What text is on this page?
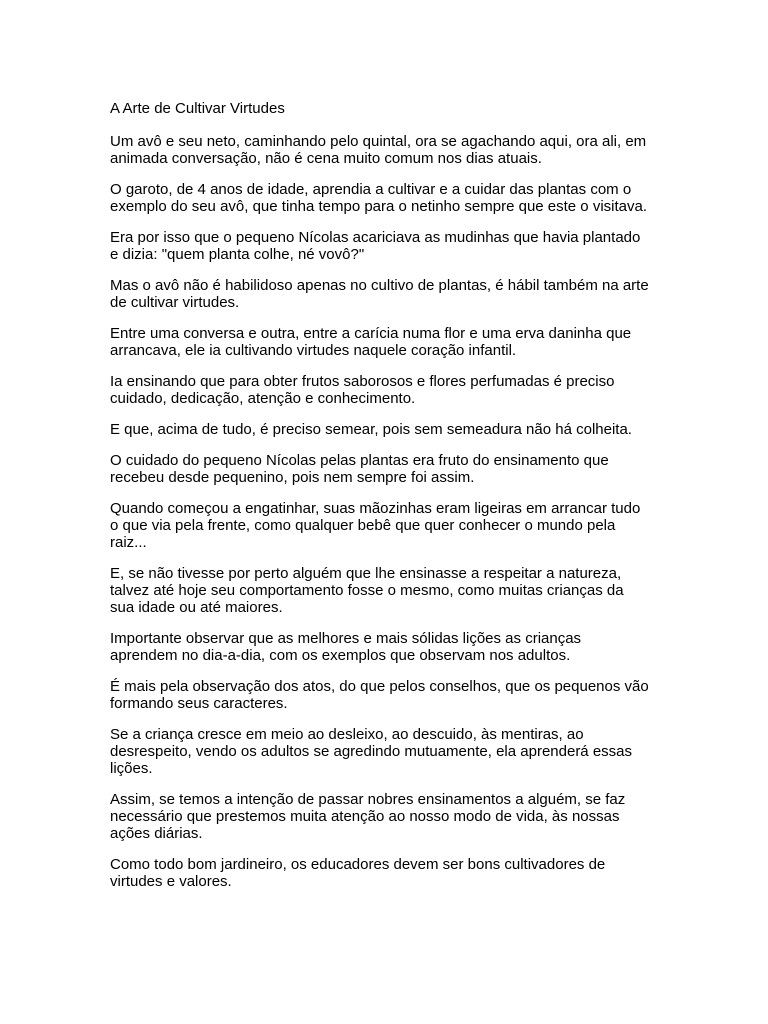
A Arte de Cultivar Virtudes

Um avô e seu neto, caminhando pelo quintal, ora se agachando aqui, ora ali, em animada conversação, não é cena muito comum nos dias atuais.

O garoto, de 4 anos de idade, aprendia a cultivar e a cuidar das plantas com o exemplo do seu avô, que tinha tempo para o netinho sempre que este o visitava.

Era por isso que o pequeno Nícolas acariciava as mudinhas que havia plantado e dizia: "quem planta colhe, né vovô?"

Mas o avô não é habilidoso apenas no cultivo de plantas, é hábil também na arte de cultivar virtudes.

Entre uma conversa e outra, entre a carícia numa flor e uma erva daninha que arrancava, ele ia cultivando virtudes naquele coração infantil.

Ia ensinando que para obter frutos saborosos e flores perfumadas é preciso cuidado, dedicação, atenção e conhecimento.

E que, acima de tudo, é preciso semear, pois sem semeadura não há colheita.

O cuidado do pequeno Nícolas pelas plantas era fruto do ensinamento que recebeu desde pequenino, pois nem sempre foi assim.

Quando começou a engatinhar, suas mãozinhas eram ligeiras em arrancar tudo o que via pela frente, como qualquer bebê que quer conhecer o mundo pela raiz...

E, se não tivesse por perto alguém que lhe ensinasse a respeitar a natureza, talvez até hoje seu comportamento fosse o mesmo, como muitas crianças da sua idade ou até maiores.

Importante observar que as melhores e mais sólidas lições as crianças aprendem no dia-a-dia, com os exemplos que observam nos adultos.

É mais pela observação dos atos, do que pelos conselhos, que os pequenos vão formando seus caracteres.

Se a criança cresce em meio ao desleixo, ao descuido, às mentiras, ao desrespeito, vendo os adultos se agredindo mutuamente, ela aprenderá essas lições.

Assim, se temos a intenção de passar nobres ensinamentos a alguém, se faz necessário que prestemos muita atenção ao nosso modo de vida, às nossas ações diárias.

Como todo bom jardineiro, os educadores devem ser bons cultivadores de virtudes e valores.
